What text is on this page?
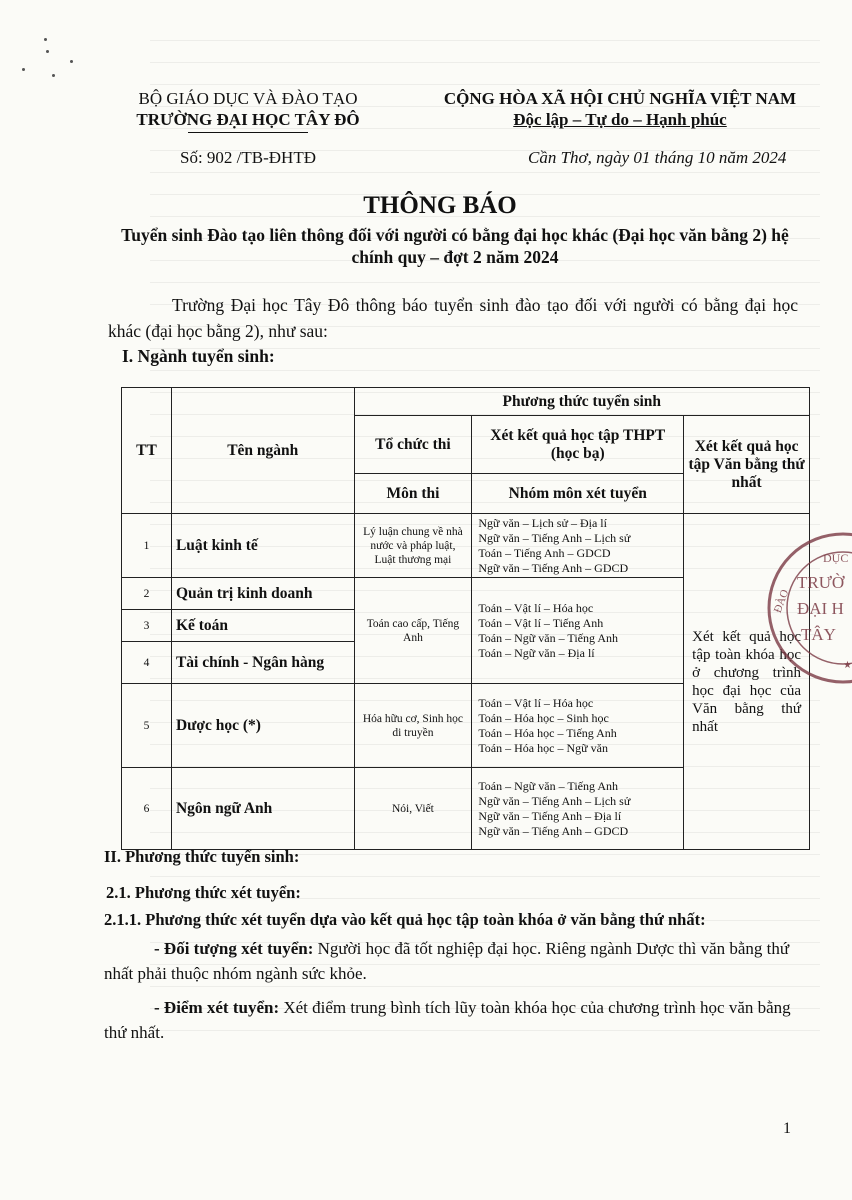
BỘ GIÁO DỤC VÀ ĐÀO TẠO
TRƯỜNG ĐẠI HỌC TÂY ĐÔ
Số: 902 /TB-ĐHTĐ
CỘNG HÒA XÃ HỘI CHỦ NGHĨA VIỆT NAM
Độc lập – Tự do – Hạnh phúc
Cần Thơ, ngày 01 tháng 10 năm 2024
THÔNG BÁO
Tuyển sinh Đào tạo liên thông đối với người có bằng đại học khác (Đại học văn bằng 2) hệ chính quy – đợt 2 năm 2024
Trường Đại học Tây Đô thông báo tuyển sinh đào tạo đối với người có bằng đại học khác (đại học bằng 2), như sau:
I. Ngành tuyển sinh:
TT	Tên ngành	Phương thức tuyển sinh		
		Tổ chức thi	Xét kết quả học tập THPT (học bạ)	Xét kết quả học tập Văn bằng thứ nhất
		Môn thi	Nhóm môn xét tuyển	
1	Luật kinh tế	Lý luận chung về nhà nước và pháp luật, Luật thương mại	Ngữ văn – Lịch sử – Địa lí
Ngữ văn – Tiếng Anh – Lịch sử
Toán – Tiếng Anh – GDCD
Ngữ văn – Tiếng Anh – GDCD	Xét kết quả học tập toàn khóa học ở chương trình học đại học của Văn bằng thứ nhất
2	Quản trị kinh doanh	Toán cao cấp, Tiếng Anh	Toán – Vật lí – Hóa học
Toán – Vật lí – Tiếng Anh
Toán – Ngữ văn – Tiếng Anh
Toán – Ngữ văn – Địa lí	

3	Kế toán			
4	Tài chính - Ngân hàng			
5	Dược học (*)	Hóa hữu cơ, Sinh học di truyền	Toán – Vật lí – Hóa học
Toán – Hóa học – Sinh học
Toán – Hóa học – Tiếng Anh
Toán – Hóa học – Ngữ văn	

6	Ngôn ngữ Anh	Nói, Viết	Toán – Ngữ văn – Tiếng Anh
Ngữ văn – Tiếng Anh – Lịch sử
Ngữ văn – Tiếng Anh – Địa lí
Ngữ văn – Tiếng Anh – GDCD	
II. Phương thức tuyển sinh:
2.1. Phương thức xét tuyển:
2.1.1. Phương thức xét tuyển dựa vào kết quả học tập toàn khóa ở văn bằng thứ nhất:
- Đối tượng xét tuyển: Người học đã tốt nghiệp đại học. Riêng ngành Dược thì văn bằng thứ nhất phải thuộc nhóm ngành sức khỏe.
- Điểm xét tuyển: Xét điểm trung bình tích lũy toàn khóa học của chương trình học văn bằng thứ nhất.
DỤC
ĐÀO
TRƯỜ
ĐẠI H
TÂY
★
1
